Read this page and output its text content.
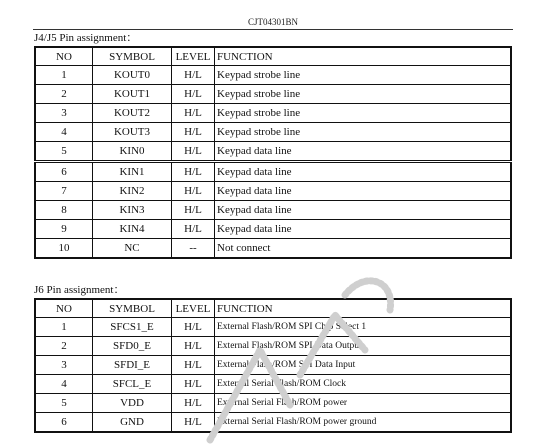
CJT04301BN
J4/J5 Pin assignment：
NO	SYMBOL	LEVEL	FUNCTION
1	KOUT0	H/L	Keypad strobe line
2	KOUT1	H/L	Keypad strobe line
3	KOUT2	H/L	Keypad strobe line
4	KOUT3	H/L	Keypad strobe line
5	KIN0	H/L	Keypad data line
6	KIN1	H/L	Keypad data line
7	KIN2	H/L	Keypad data line
8	KIN3	H/L	Keypad data line
9	KIN4	H/L	Keypad data line
10	NC	--	Not connect
J6 Pin assignment：
NO	SYMBOL	LEVEL	FUNCTION
1	SFCS1_E	H/L	External Flash/ROM SPI Chip Select 1
2	SFD0_E	H/L	External Flash/ROM SPI Data Output
3	SFDI_E	H/L	External Flash/ROM SPI Data Input
4	SFCL_E	H/L	External Serial Flash/ROM Clock
5	VDD	H/L	External Serial Flash/ROM power
6	GND	H/L	External Serial Flash/ROM power ground
